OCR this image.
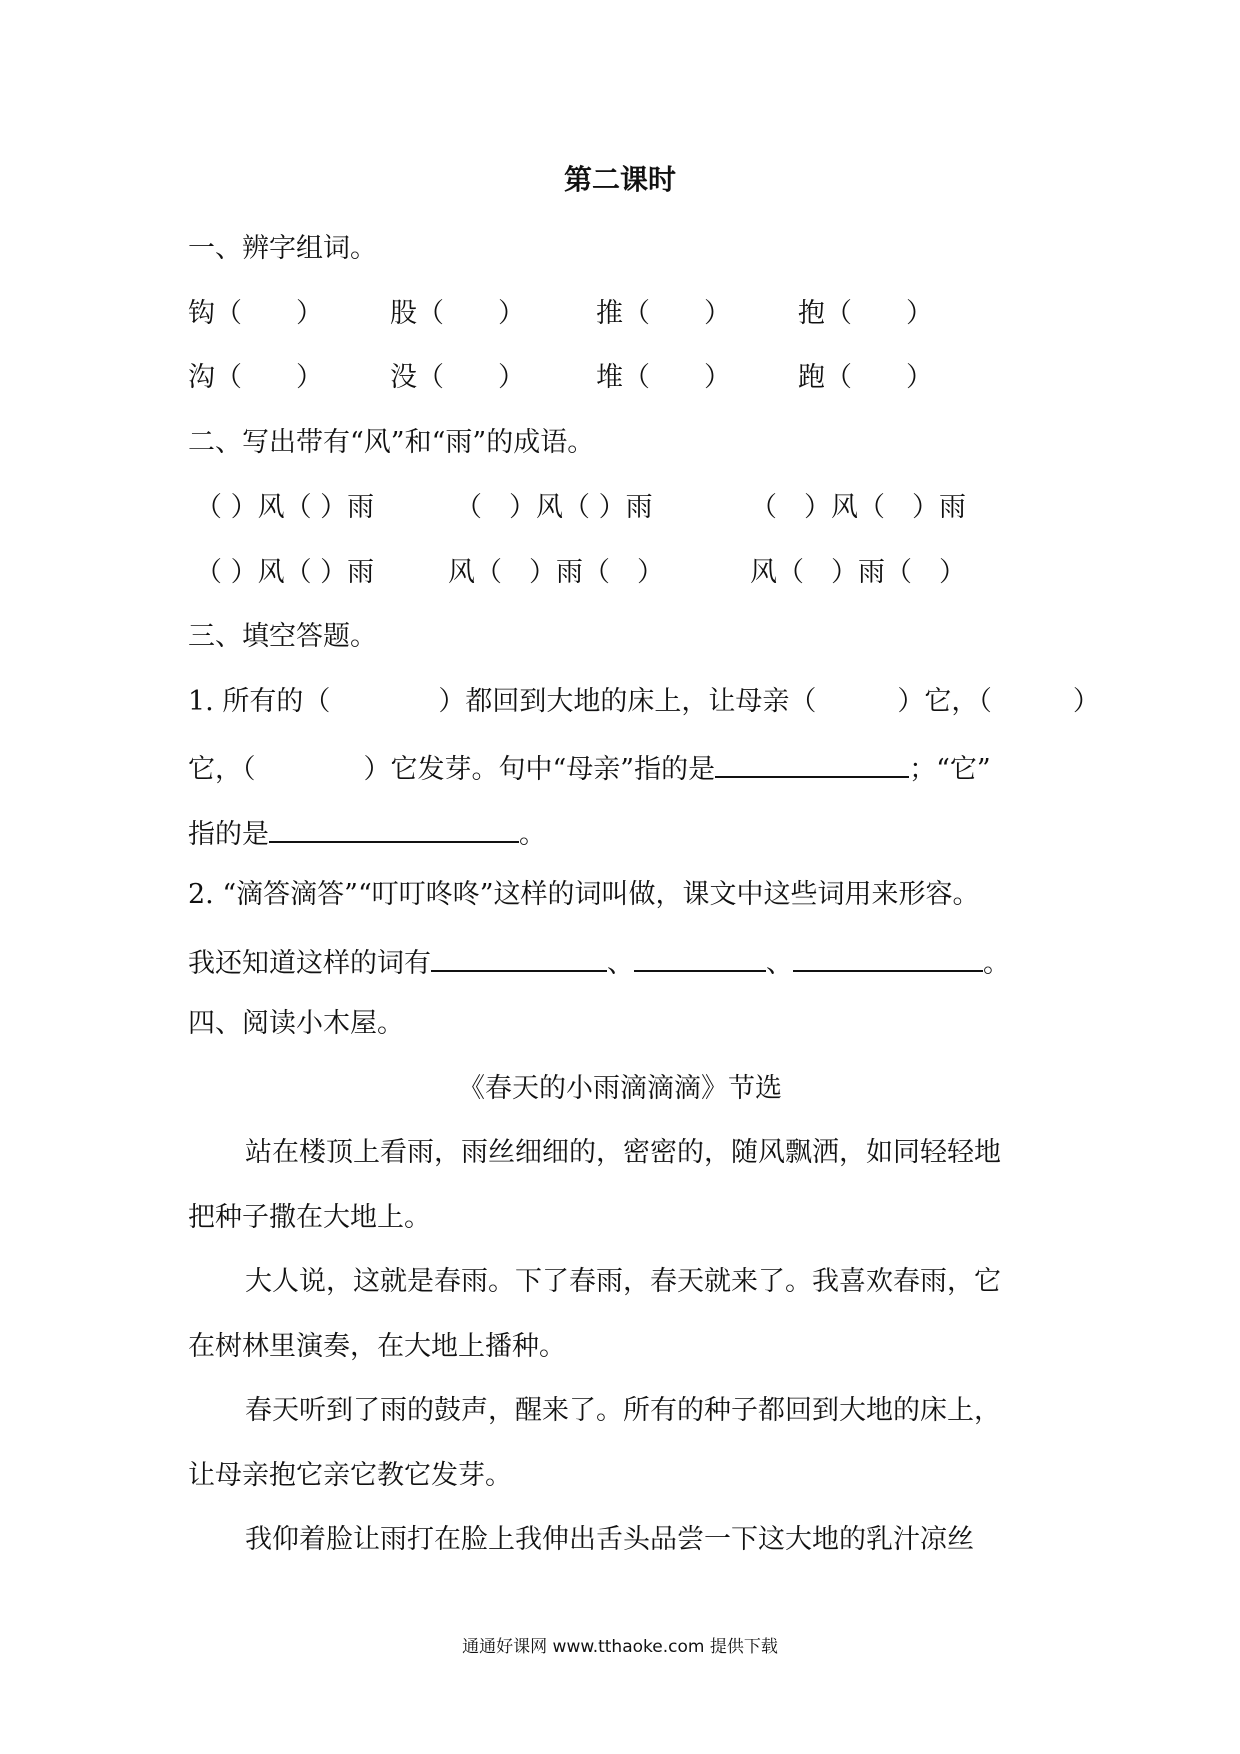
第二课时
一、辨字组词。
钩（　　） 股（　　）	推（　　） 抱（　　）
沟（　　） 没（　　）	堆（　　） 跑（　　）
二、写出带有“风”和“雨”的成语。
（ ）风（ ）雨	（　）风（ ）雨	（　）风（　）雨
（ ）风（ ）雨	风（　）雨（　）	风（　）雨（　）
三、填空答题。
1. 所有的（　　　　）都回到大地的床上，让母亲（　　　）它，（　　　）
它，（　　　　）它发芽。句中“母亲”指的是	；“它”
指的是	。
2. “滴答滴答”“叮叮咚咚”这样的词叫做，课文中这些词用来形容。
我还知道这样的词有	、	、	。
四、阅读小木屋。
《春天的小雨滴滴滴》节选
站在楼顶上看雨，雨丝细细的，密密的，随风飘洒，如同轻轻地
把种子撒在大地上。
大人说，这就是春雨。下了春雨，春天就来了。我喜欢春雨，它
在树林里演奏，在大地上播种。
春天听到了雨的鼓声，醒来了。所有的种子都回到大地的床上，
让母亲抱它亲它教它发芽。
我仰着脸让雨打在脸上我伸出舌头品尝一下这大地的乳汁凉丝
通通好课网 www.tthaoke.com 提供下载
